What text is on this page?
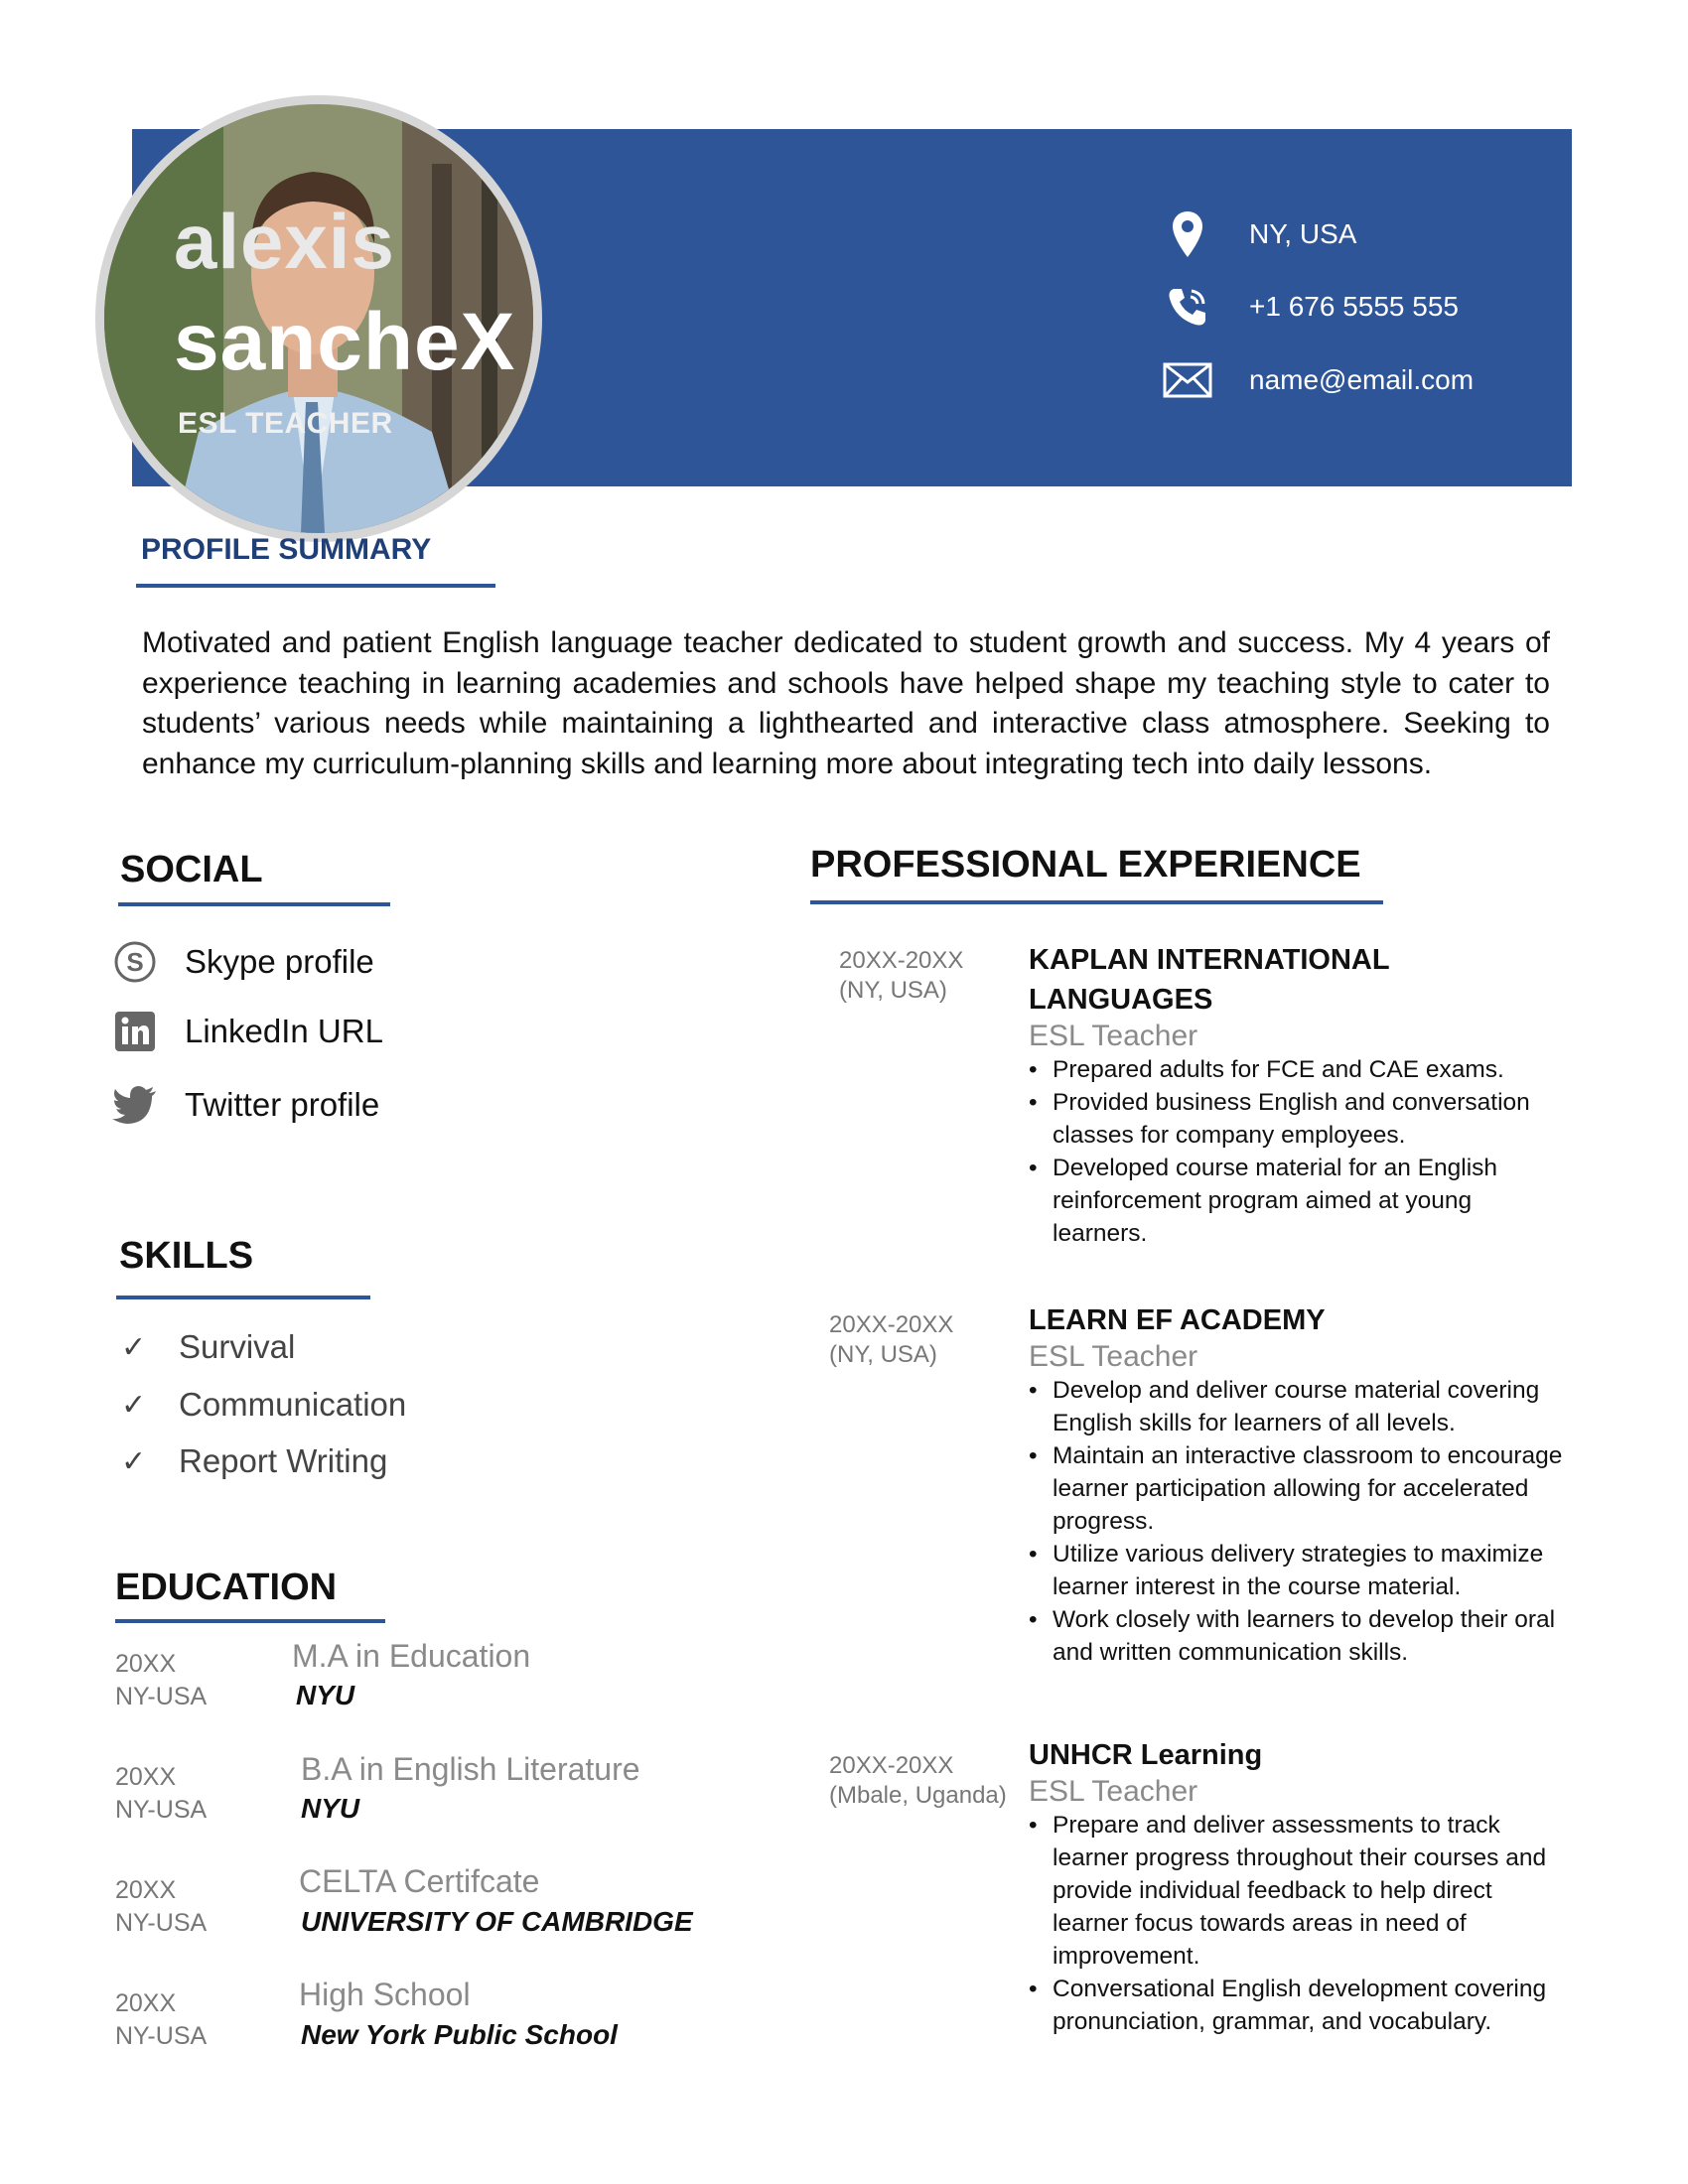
alexis
sancheX
ESL TEACHER
NY, USA
+1 676 5555 555
name@email.com
PROFILE SUMMARY
Motivated and patient English language teacher dedicated to student growth and success. My 4 years of experience teaching in learning academies and schools have helped shape my teaching style to cater to students’ various needs while maintaining a lighthearted and interactive class atmosphere. Seeking to enhance my curriculum-planning skills and learning more about integrating tech into daily lessons.
SOCIAL
S Skype profile
LinkedIn URL
Twitter profile
SKILLS
✓ Survival
✓ Communication
✓ Report Writing
EDUCATION
20XX
NY-USA
M.A in Education
NYU
20XX
NY-USA
B.A in English Literature
NYU
20XX
NY-USA
CELTA Certifcate
UNIVERSITY OF CAMBRIDGE
20XX
NY-USA
High School
New York Public School
PROFESSIONAL EXPERIENCE
20XX-20XX
(NY, USA)
KAPLAN INTERNATIONAL LANGUAGES
ESL Teacher
• Prepared adults for FCE and CAE exams.
• Provided business English and conversation classes for company employees.
• Developed course material for an English reinforcement program aimed at young learners.
20XX-20XX
(NY, USA)
LEARN EF ACADEMY
ESL Teacher
• Develop and deliver course material covering English skills for learners of all levels.
• Maintain an interactive classroom to encourage learner participation allowing for accelerated progress.
• Utilize various delivery strategies to maximize learner interest in the course material.
• Work closely with learners to develop their oral and written communication skills.
20XX-20XX
(Mbale, Uganda)
UNHCR Learning
ESL Teacher
• Prepare and deliver assessments to track learner progress throughout their courses and provide individual feedback to help direct learner focus towards areas in need of improvement.
• Conversational English development covering pronunciation, grammar, and vocabulary.
